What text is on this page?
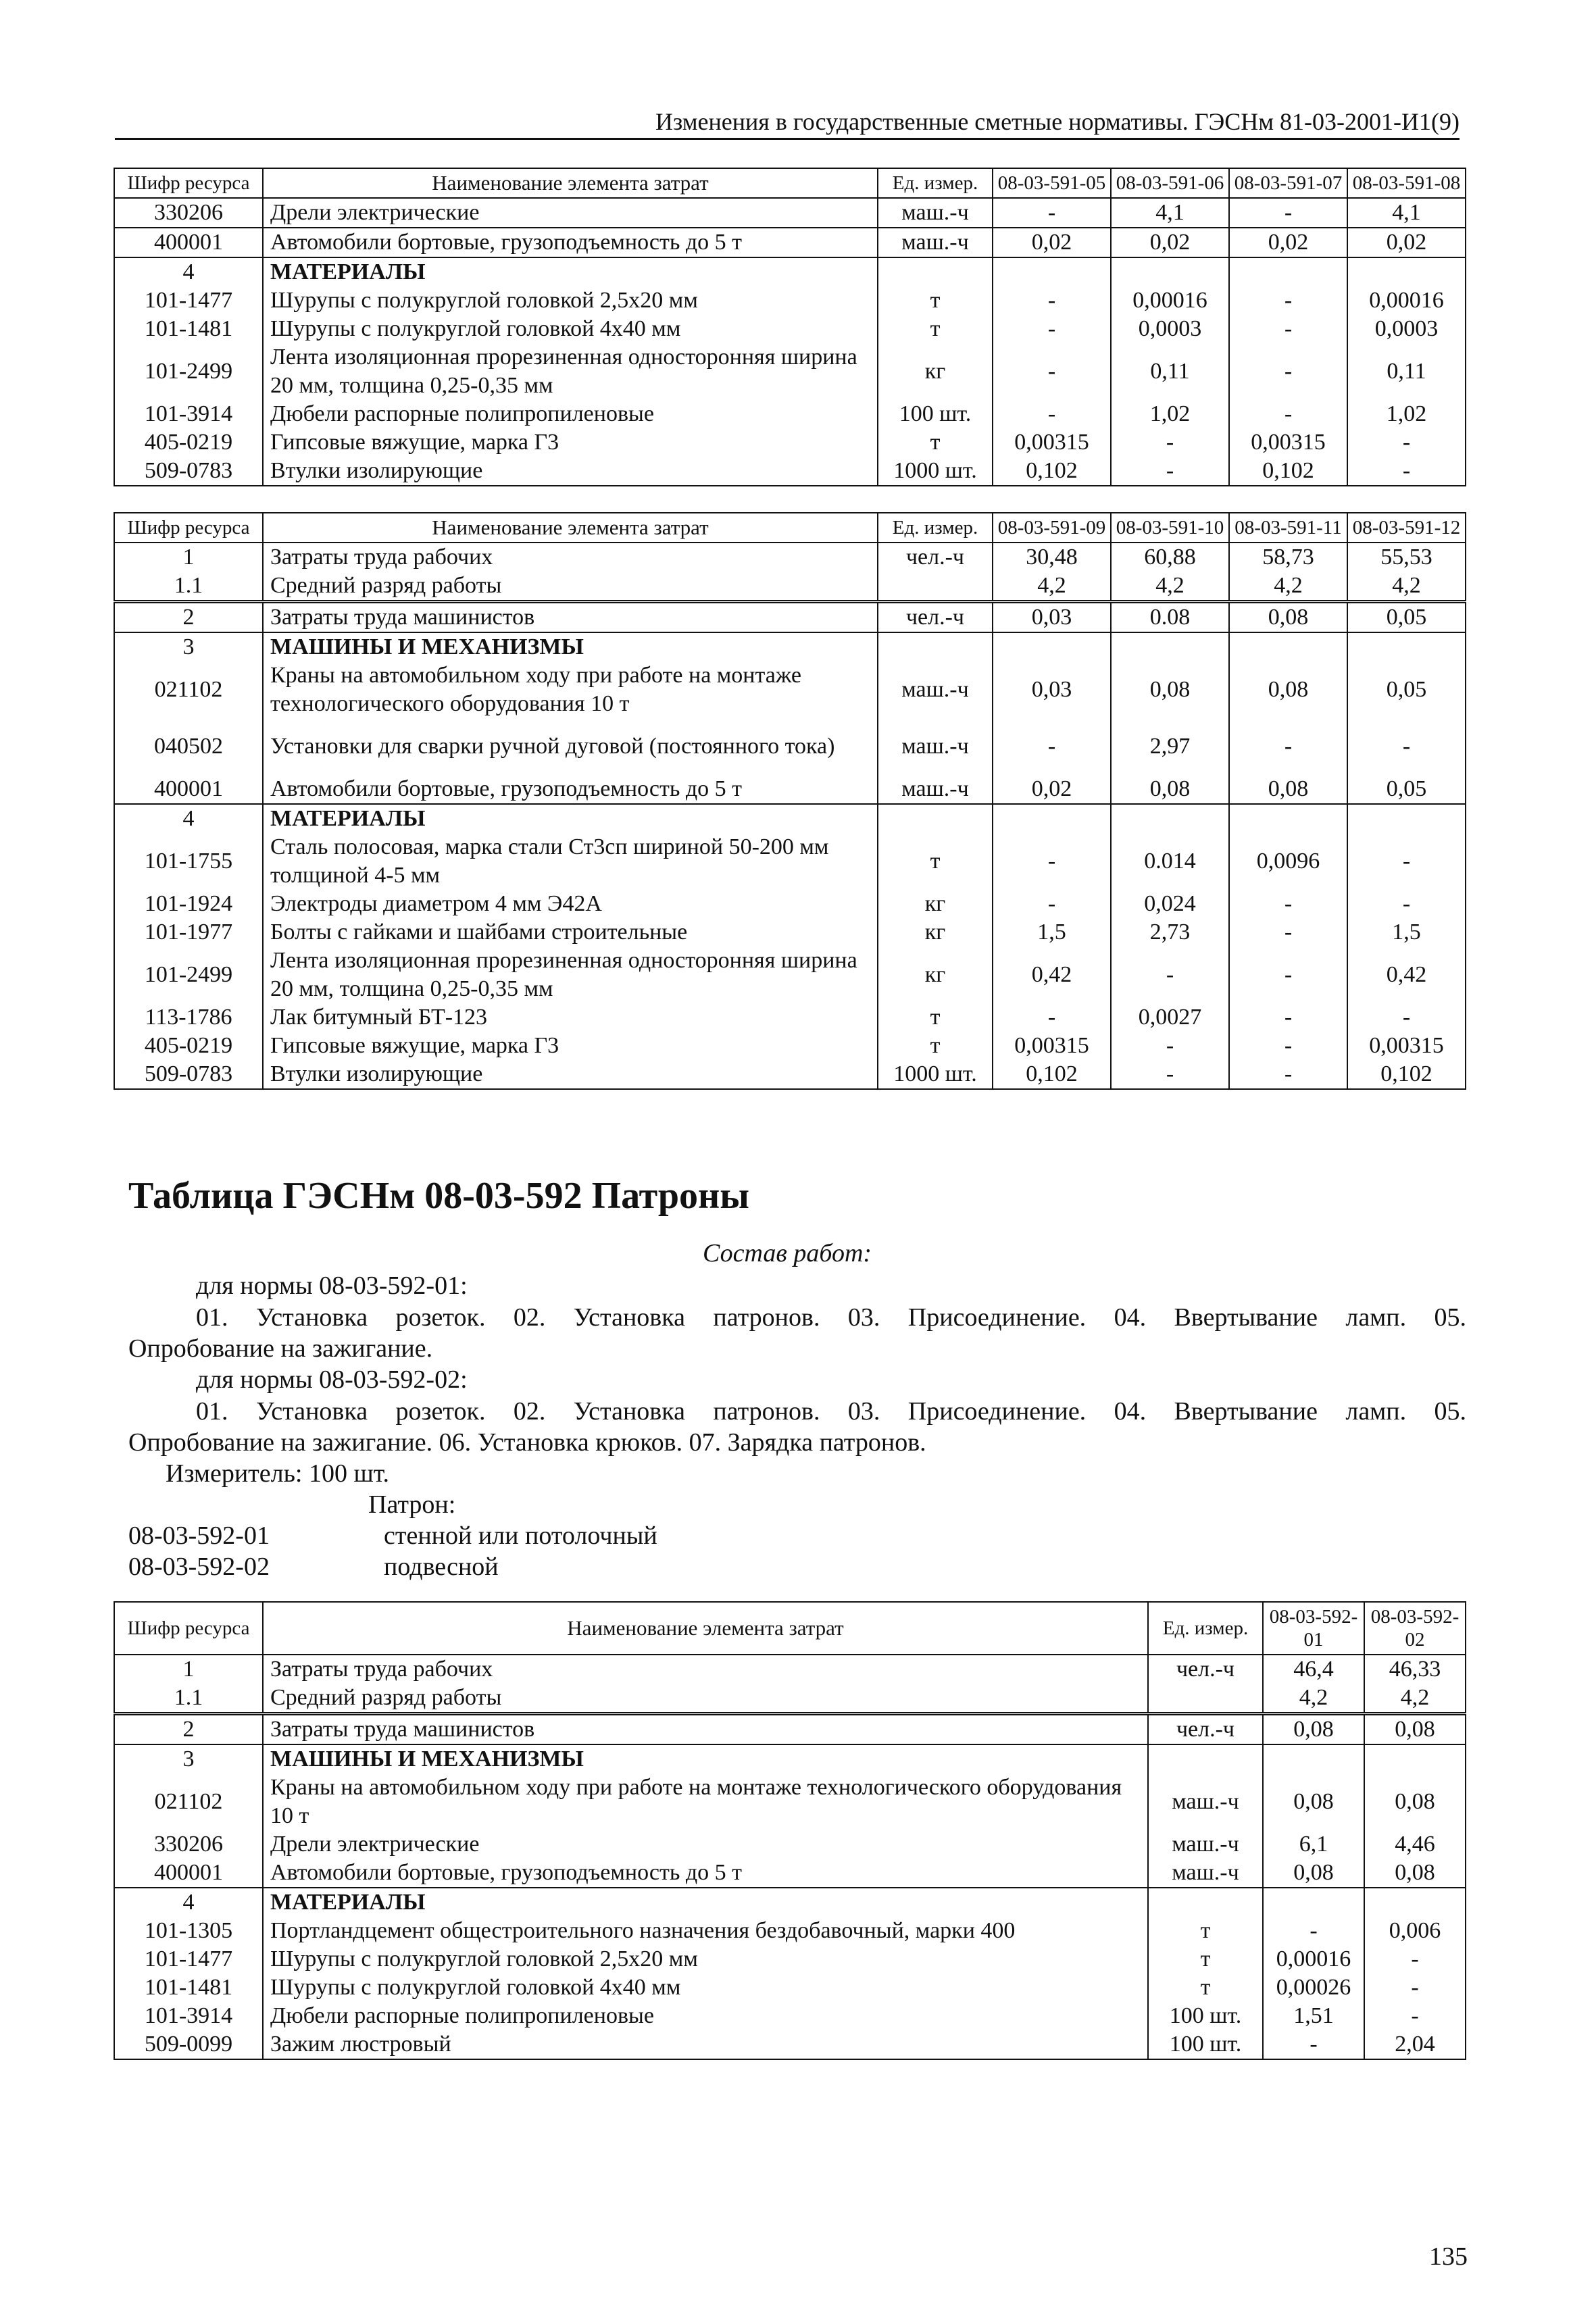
Изменения в государственные сметные нормативы. ГЭСНм 81-03-2001-И1(9)
Шифр ресурса	Наименование элемента затрат	Ед. измер.	08-03-591-05	08-03-591-06	08-03-591-07	08-03-591-08
330206	Дрели электрические	маш.-ч	-	4,1	-	4,1
400001	Автомобили бортовые, грузоподъемность до 5 т	маш.-ч	0,02	0,02	0,02	0,02
4	МАТЕРИАЛЫ					
101-1477	Шурупы с полукруглой головкой 2,5х20 мм	т	-	0,00016	-	0,00016
101-1481	Шурупы с полукруглой головкой 4х40 мм	т	-	0,0003	-	0,0003
101-2499	Лента изоляционная прорезиненная односторонняя ширина 20 мм, толщина 0,25-0,35 мм	кг	-	0,11	-	0,11
101-3914	Дюбели распорные полипропиленовые	100 шт.	-	1,02	-	1,02
405-0219	Гипсовые вяжущие, марка Г3	т	0,00315	-	0,00315	-
509-0783	Втулки изолирующие	1000 шт.	0,102	-	0,102	-
Шифр ресурса	Наименование элемента затрат	Ед. измер.	08-03-591-09	08-03-591-10	08-03-591-11	08-03-591-12
1	Затраты труда рабочих	чел.-ч	30,48	60,88	58,73	55,53
1.1	Средний разряд работы		4,2	4,2	4,2	4,2
2	Затраты труда машинистов	чел.-ч	0,03	0.08	0,08	0,05
3	МАШИНЫ И МЕХАНИЗМЫ					
021102	Краны на автомобильном ходу при работе на монтаже технологического оборудования 10 т	маш.-ч	0,03	0,08	0,08	0,05
040502	Установки для сварки ручной дуговой (постоянного тока)	маш.-ч	-	2,97	-	-
400001	Автомобили бортовые, грузоподъемность до 5 т	маш.-ч	0,02	0,08	0,08	0,05
4	МАТЕРИАЛЫ					
101-1755	Сталь полосовая, марка стали Ст3сп шириной 50-200 мм толщиной 4-5 мм	т	-	0.014	0,0096	-
101-1924	Электроды диаметром 4 мм Э42А	кг	-	0,024	-	-
101-1977	Болты с гайками и шайбами строительные	кг	1,5	2,73	-	1,5
101-2499	Лента изоляционная прорезиненная односторонняя ширина 20 мм, толщина 0,25-0,35 мм	кг	0,42	-	-	0,42
113-1786	Лак битумный БТ-123	т	-	0,0027	-	-
405-0219	Гипсовые вяжущие, марка Г3	т	0,00315	-	-	0,00315
509-0783	Втулки изолирующие	1000 шт.	0,102	-	-	0,102
Таблица ГЭСНм 08-03-592 Патроны
Состав работ:
для нормы 08-03-592-01:
01. Установка розеток. 02. Установка патронов. 03. Присоединение. 04. Ввертывание ламп. 05.
Опробование на зажигание.
для нормы 08-03-592-02:
01. Установка розеток. 02. Установка патронов. 03. Присоединение. 04. Ввертывание ламп. 05.
Опробование на зажигание. 06. Установка крюков. 07. Зарядка патронов.
Измеритель: 100 шт.
Патрон:
08-03-592-01	стенной или потолочный
08-03-592-02	подвесной
Шифр ресурса	Наименование элемента затрат	Ед. измер.	08-03-592-01	08-03-592-02
1	Затраты труда рабочих	чел.-ч	46,4	46,33
1.1	Средний разряд работы		4,2	4,2
2	Затраты труда машинистов	чел.-ч	0,08	0,08
3	МАШИНЫ И МЕХАНИЗМЫ			
021102	Краны на автомобильном ходу при работе на монтаже технологического оборудования 10 т	маш.-ч	0,08	0,08
330206	Дрели электрические	маш.-ч	6,1	4,46
400001	Автомобили бортовые, грузоподъемность до 5 т	маш.-ч	0,08	0,08
4	МАТЕРИАЛЫ			
101-1305	Портландцемент общестроительного назначения бездобавочный, марки 400	т	-	0,006
101-1477	Шурупы с полукруглой головкой 2,5х20 мм	т	0,00016	-
101-1481	Шурупы с полукруглой головкой 4х40 мм	т	0,00026	-
101-3914	Дюбели распорные полипропиленовые	100 шт.	1,51	-
509-0099	Зажим люстровый	100 шт.	-	2,04
135
